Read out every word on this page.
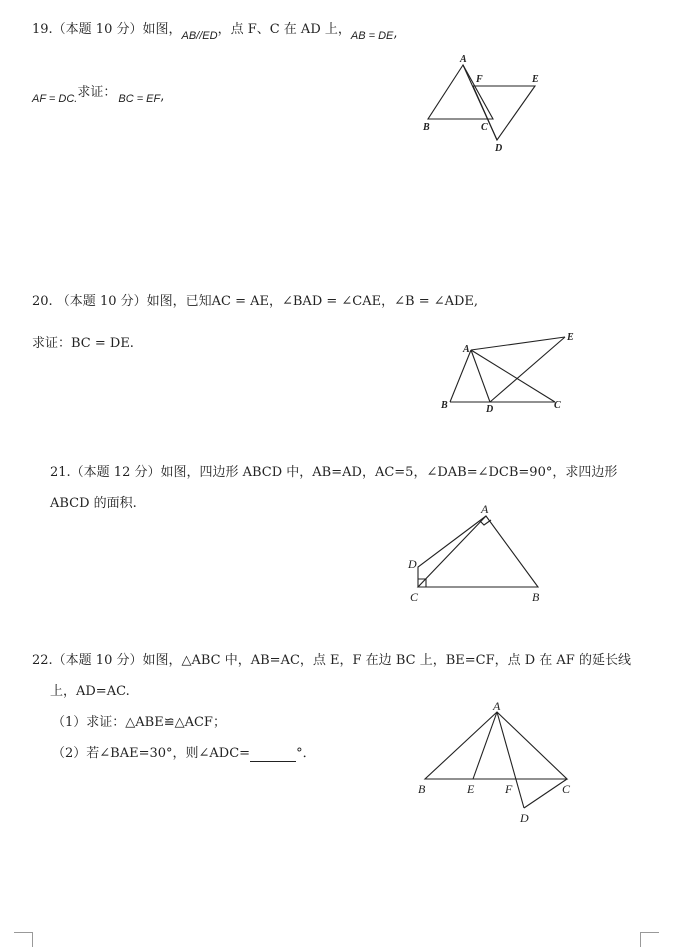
19.（本题 10 分）如图，$_{AB//ED}$，点 F、C 在 AD 上，$_{AB = DE}$,
$_{AF = DC.}$求证： $_{BC = EF}$,
A
F	E
B	C
D
20. （本题 10 分）如图，已知AC = AE，∠BAD = ∠CAE，∠B = ∠ADE,
求证：BC = DE.	A
E
B	D	C
21.（本题 12 分）如图，四边形 ABCD 中，AB=AD，AC=5，∠DAB=∠DCB=90°，求四边形
ABCD 的面积.	A
D
C	B
22.（本题 10 分）如图，△ABC 中，AB=AC，点 E，F 在边 BC 上，BE=CF，点 D 在 AF 的延长线
上，AD=AC.
（1）求证：△ABE≌△ACF；
（2）若∠BAE=30°，则∠ADC=	°．
A
B	E	F	C
D
